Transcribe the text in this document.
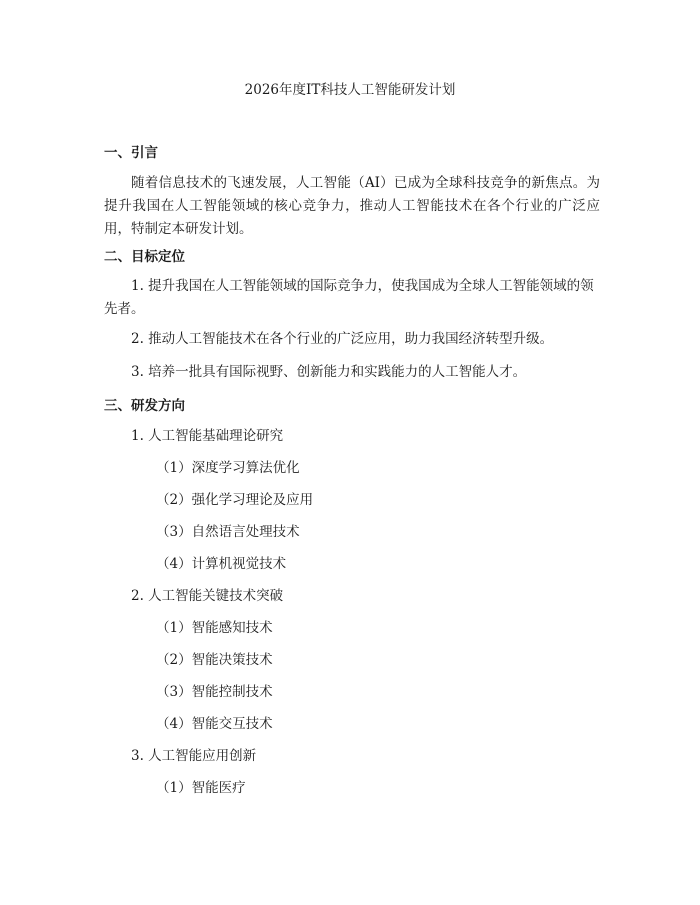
2026年度IT科技人工智能研发计划
一、引言
随着信息技术的飞速发展，人工智能（AI）已成为全球科技竞争的新焦点。为提升我国在人工智能领域的核心竞争力，推动人工智能技术在各个行业的广泛应用，特制定本研发计划。
二、目标定位
1. 提升我国在人工智能领域的国际竞争力，使我国成为全球人工智能领域的领先者。
2. 推动人工智能技术在各个行业的广泛应用，助力我国经济转型升级。
3. 培养一批具有国际视野、创新能力和实践能力的人工智能人才。
三、研发方向
1. 人工智能基础理论研究
（1）深度学习算法优化
（2）强化学习理论及应用
（3）自然语言处理技术
（4）计算机视觉技术
2. 人工智能关键技术突破
（1）智能感知技术
（2）智能决策技术
（3）智能控制技术
（4）智能交互技术
3. 人工智能应用创新
（1）智能医疗
